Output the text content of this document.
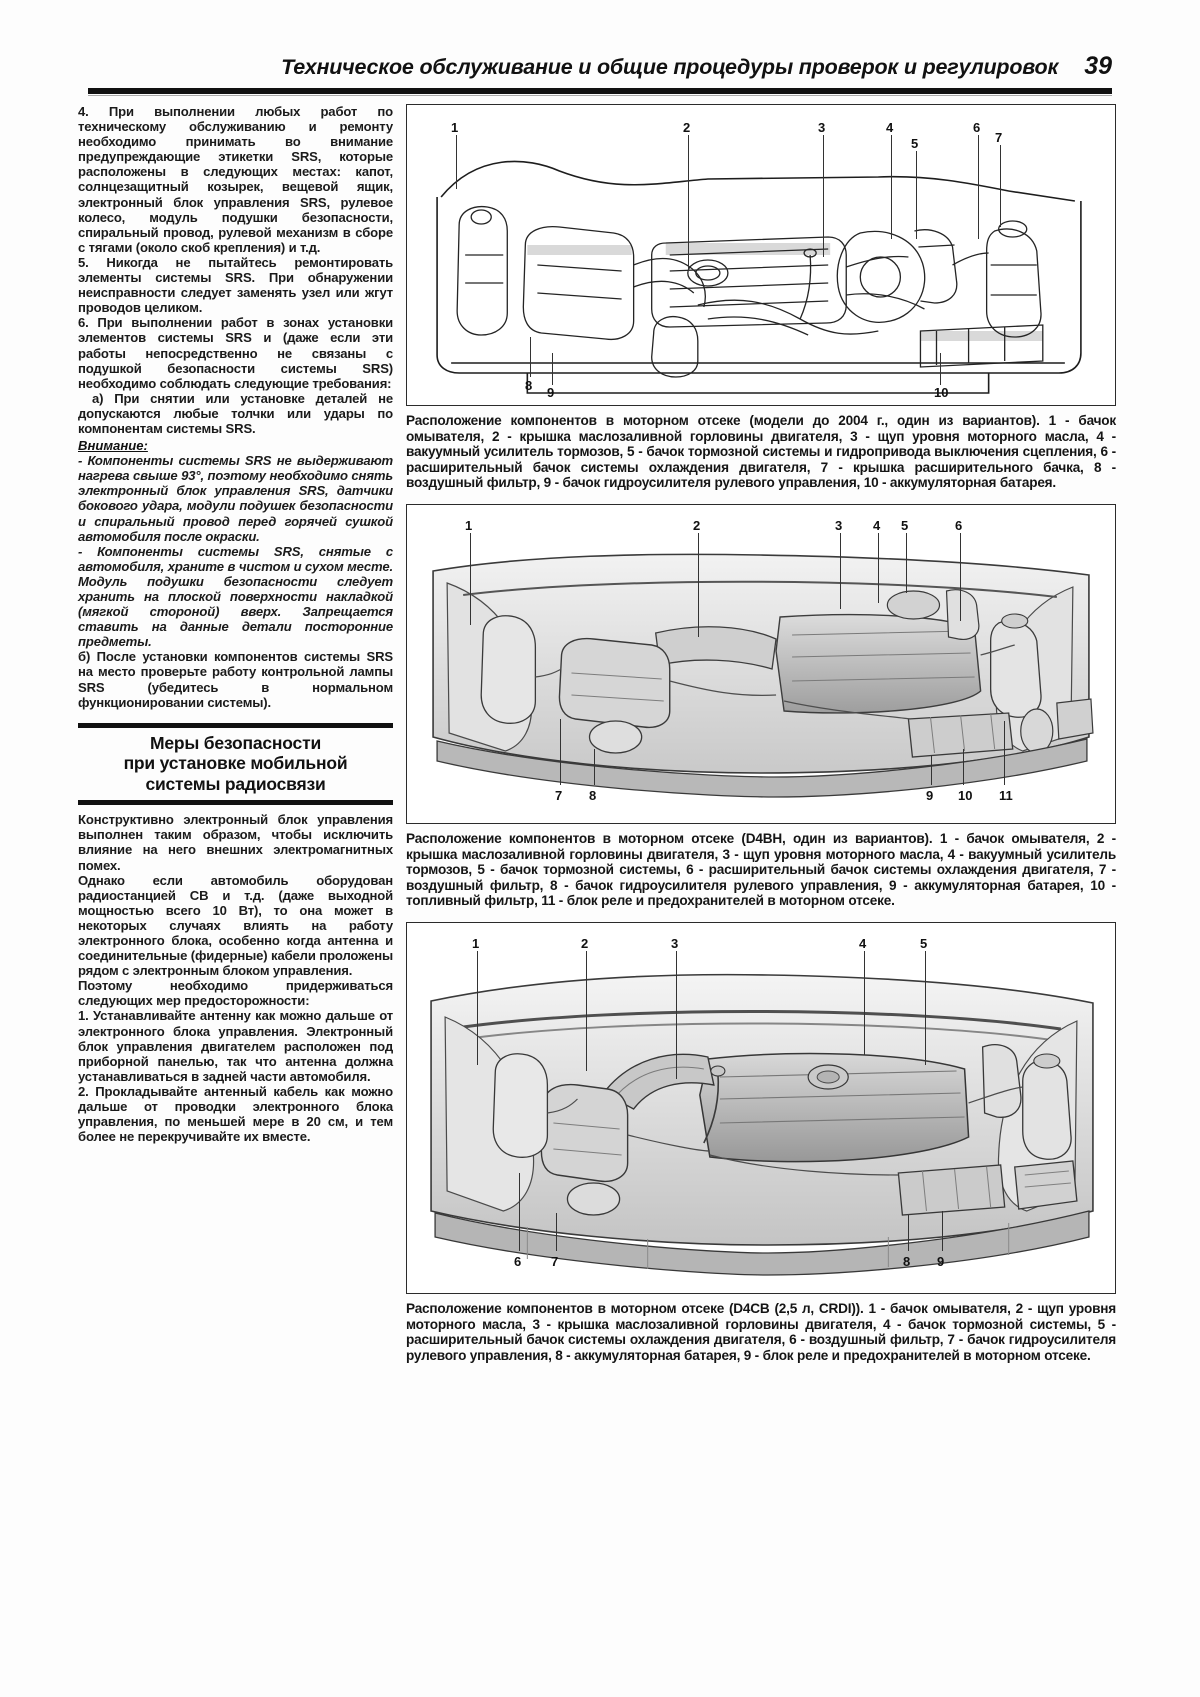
Техническое обслуживание и общие процедуры проверок и регулировок 39

4. При выполнении любых работ по техническому обслуживанию и ремонту необходимо принимать во внимание предупреждающие этикетки SRS, которые расположены в следующих местах: капот, солнцезащитный козырек, вещевой ящик, электронный блок управления SRS, рулевое колесо, модуль подушки безопасности, спиральный провод, рулевой механизм в сборе с тягами (около скоб крепления) и т.д.

5. Никогда не пытайтесь ремонтировать элементы системы SRS. При обнаружении неисправности следует заменять узел или жгут проводов целиком.

6. При выполнении работ в зонах установки элементов системы SRS и (даже если эти работы непосредственно не связаны с подушкой безопасности системы SRS) необходимо соблюдать следующие требования:

а) При снятии или установке деталей не допускаются любые толчки или удары по компонентам системы SRS.

Внимание:

- Компоненты системы SRS не выдерживают нагрева свыше 93°, поэтому необходимо снять электронный блок управления SRS, датчики бокового удара, модули подушек безопасности и спиральный провод перед горячей сушкой автомобиля после окраски.

- Компоненты системы SRS, снятые с автомобиля, храните в чистом и сухом месте. Модуль подушки безопасности следует хранить на плоской поверхности накладкой (мягкой стороной) вверх. Запрещается ставить на данные детали посторонние предметы.

б) После установки компонентов системы SRS на место проверьте работу контрольной лампы SRS (убедитесь в нормальном функционировании системы).

Меры безопасности
при установке мобильной
системы радиосвязи

Конструктивно электронный блок управления выполнен таким образом, чтобы исключить влияние на него внешних электромагнитных помех.

Однако если автомобиль оборудован радиостанцией СВ и т.д. (даже выходной мощностью всего 10 Вт), то она может в некоторых случаях влиять на работу электронного блока, особенно когда антенна и соединительные (фидерные) кабели проложены рядом с электронным блоком управления.

Поэтому необходимо придерживаться следующих мер предосторожности:

1. Устанавливайте антенну как можно дальше от электронного блока управления. Электронный блок управления двигателем расположен под приборной панелью, так что антенна должна устанавливаться в задней части автомобиля.

2. Прокладывайте антенный кабель как можно дальше от проводки электронного блока управления, по меньшей мере в 20 см, и тем более не перекручивайте их вместе.

1	2	3	4
5
6
7
8 9	10

Расположение компонентов в моторном отсеке (модели до 2004 г., один из вариантов). 1 - бачок омывателя, 2 - крышка маслозаливной горловины двигателя, 3 - щуп уровня моторного масла, 4 - вакуумный усилитель тормозов, 5 - бачок тормозной системы и гидропривода выключения сцепления, 6 - расширительный бачок системы охлаждения двигателя, 7 - крышка расширительного бачка, 8 - воздушный фильтр, 9 - бачок гидроусилителя рулевого управления, 10 - аккумуляторная батарея.

1	2	3 4 5	6
7 8	9 10 11

Расположение компонентов в моторном отсеке (D4BH, один из вариантов). 1 - бачок омывателя, 2 - крышка маслозаливной горловины двигателя, 3 - щуп уровня моторного масла, 4 - вакуумный усилитель тормозов, 5 - бачок тормозной системы, 6 - расширительный бачок системы охлаждения двигателя, 7 - воздушный фильтр, 8 - бачок гидроусилителя рулевого управления, 9 - аккумуляторная батарея, 10 - топливный фильтр, 11 - блок реле и предохранителей в моторном отсеке.

1	2	3	4	5
6 7	8 9

Расположение компонентов в моторном отсеке (D4CB (2,5 л, CRDI)). 1 - бачок омывателя, 2 - щуп уровня моторного масла, 3 - крышка маслозаливной горловины двигателя, 4 - бачок тормозной системы, 5 - расширительный бачок системы охлаждения двигателя, 6 - воздушный фильтр, 7 - бачок гидроусилителя рулевого управления, 8 - аккумуляторная батарея, 9 - блок реле и предохранителей в моторном отсеке.
